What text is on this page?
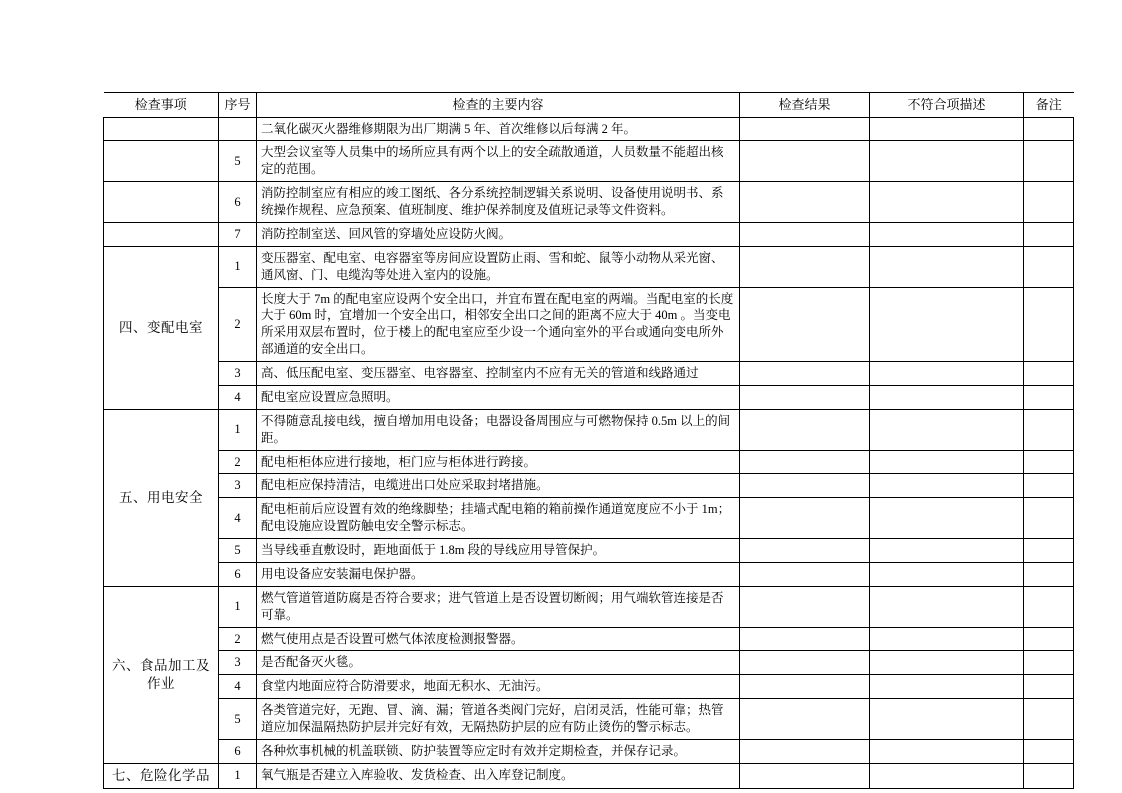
检查事项	序号	检查的主要内容	检查结果	不符合项描述	备注
		二氧化碳灭火器维修期限为出厂期满 5 年、首次维修以后每满 2 年。			
	5	大型会议室等人员集中的场所应具有两个以上的安全疏散通道，人员数量不能超出核定的范围。			
	6	消防控制室应有相应的竣工图纸、各分系统控制逻辑关系说明、设备使用说明书、系统操作规程、应急预案、值班制度、维护保养制度及值班记录等文件资料。			
	7	消防控制室送、回风管的穿墙处应设防火阀。			
四、变配电室	1	变压器室、配电室、电容器室等房间应设置防止雨、雪和蛇、鼠等小动物从采光窗、通风窗、门、电缆沟等处进入室内的设施。			
	2	长度大于 7m 的配电室应设两个安全出口，并宜布置在配电室的两端。当配电室的长度大于 60m 时，宜增加一个安全出口，相邻安全出口之间的距离不应大于 40m 。当变电所采用双层布置时，位于楼上的配电室应至少设一个通向室外的平台或通向变电所外部通道的安全出口。			
	3	高、低压配电室、变压器室、电容器室、控制室内不应有无关的管道和线路通过			
	4	配电室应设置应急照明。			
五、用电安全	1	不得随意乱接电线，擅自增加用电设备；电器设备周围应与可燃物保持 0.5m 以上的间距。			
	2	配电柜柜体应进行接地，柜门应与柜体进行跨接。			
	3	配电柜应保持清洁，电缆进出口处应采取封堵措施。			
	4	配电柜前后应设置有效的绝缘脚垫；挂墙式配电箱的箱前操作通道宽度应不小于 1m；配电设施应设置防触电安全警示标志。			
	5	当导线垂直敷设时，距地面低于 1.8m 段的导线应用导管保护。			
	6	用电设备应安装漏电保护器。			
六、食品加工及作业	1	燃气管道管道防腐是否符合要求；进气管道上是否设置切断阀；用气端软管连接是否可靠。			
	2	燃气使用点是否设置可燃气体浓度检测报警器。			
	3	是否配备灭火毯。			
	4	食堂内地面应符合防滑要求，地面无积水、无油污。			
	5	各类管道完好，无跑、冒、滴、漏；管道各类阀门完好，启闭灵活，性能可靠；热管道应加保温隔热防护层并完好有效，无隔热防护层的应有防止烫伤的警示标志。			
	6	各种炊事机械的机盖联锁、防护装置等应定时有效并定期检查，并保存记录。			
七、危险化学品	1	氧气瓶是否建立入库验收、发货检查、出入库登记制度。			
